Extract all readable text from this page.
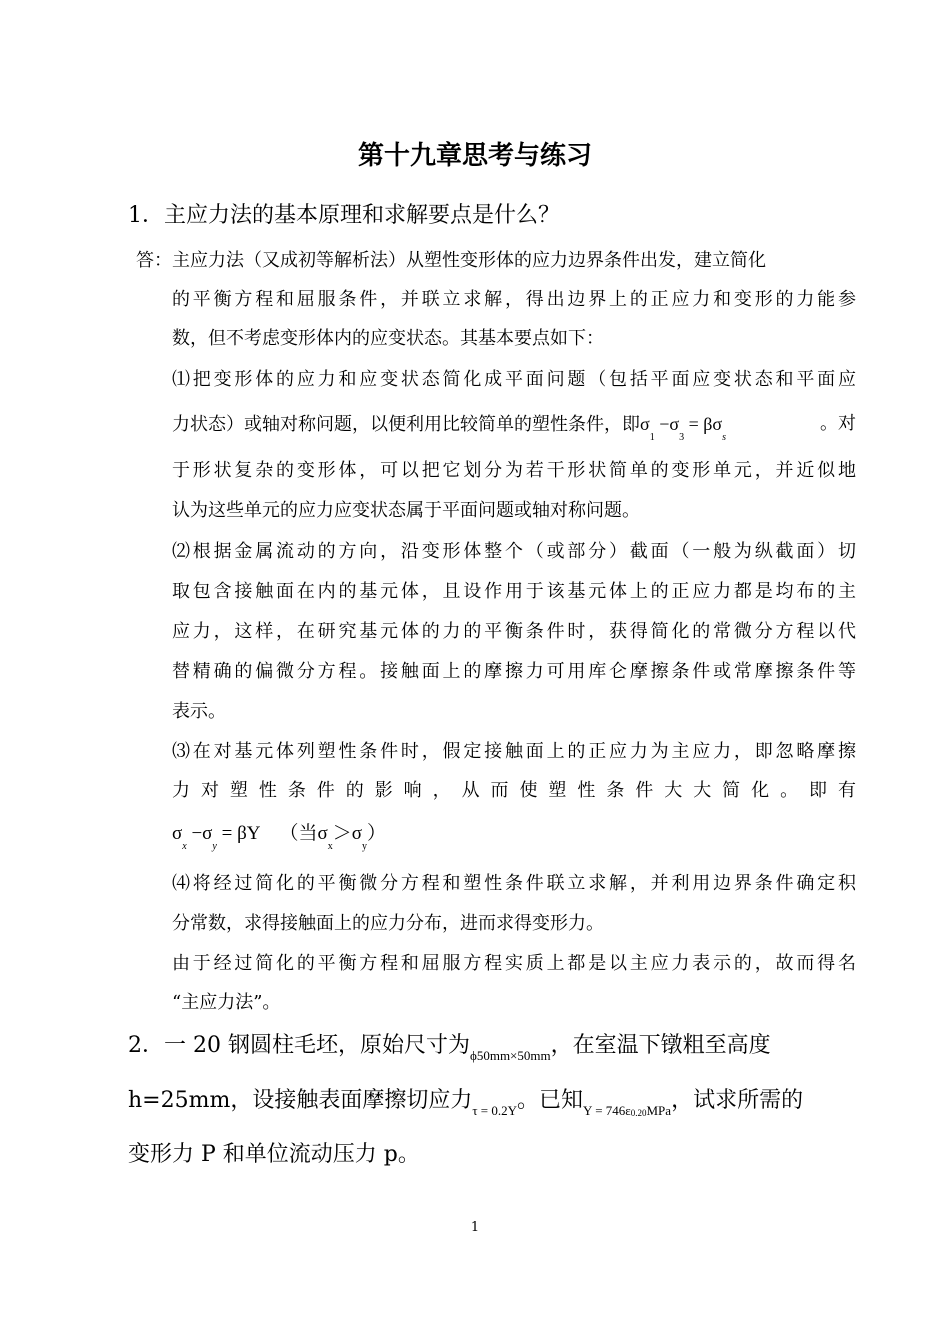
第十九章思考与练习
1．主应力法的基本原理和求解要点是什么？
答：主应力法（又成初等解析法）从塑性变形体的应力边界条件出发，建立简化
的平衡方程和屈服条件，并联立求解，得出边界上的正应力和变形的力能参
数，但不考虑变形体内的应变状态。其基本要点如下：
⑴把变形体的应力和应变状态简化成平面问题（包括平面应变状态和平面应
力状态）或轴对称问题，以便利用比较简单的塑性条件，即$\sigma_1 -\sigma_3 = \beta\sigma_s$
。对
于形状复杂的变形体，可以把它划分为若干形状简单的变形单元，并近似地
认为这些单元的应力应变状态属于平面问题或轴对称问题。
⑵根据金属流动的方向，沿变形体整个（或部分）截面（一般为纵截面）切
取包含接触面在内的基元体，且设作用于该基元体上的正应力都是均布的主
应力，这样，在研究基元体的力的平衡条件时，获得简化的常微分方程以代
替精确的偏微分方程。接触面上的摩擦力可用库仑摩擦条件或常摩擦条件等
表示。
⑶在对基元体列塑性条件时，假定接触面上的正应力为主应力，即忽略摩擦
力对塑性条件的影响，从而使塑性条件大大简化。即有
$\sigma_x -\sigma_y = \beta Y$ （当$\sigma_x>\sigma_y$）
⑷将经过简化的平衡微分方程和塑性条件联立求解，并利用边界条件确定积
分常数，求得接触面上的应力分布，进而求得变形力。
由于经过简化的平衡方程和屈服方程实质上都是以主应力表示的，故而得名
“主应力法”。
2．一 20 钢圆柱毛坯，原始尺寸为$_{\phi 50mm\times 50mm}$，在室温下镦粗至高度
h=25mm，设接触表面摩擦切应力$_{\tau = 0.2Y}$。已知$_{Y = 746\varepsilon 0.20MPa}$，试求所需的
变形力 P 和单位流动压力 p。
1
